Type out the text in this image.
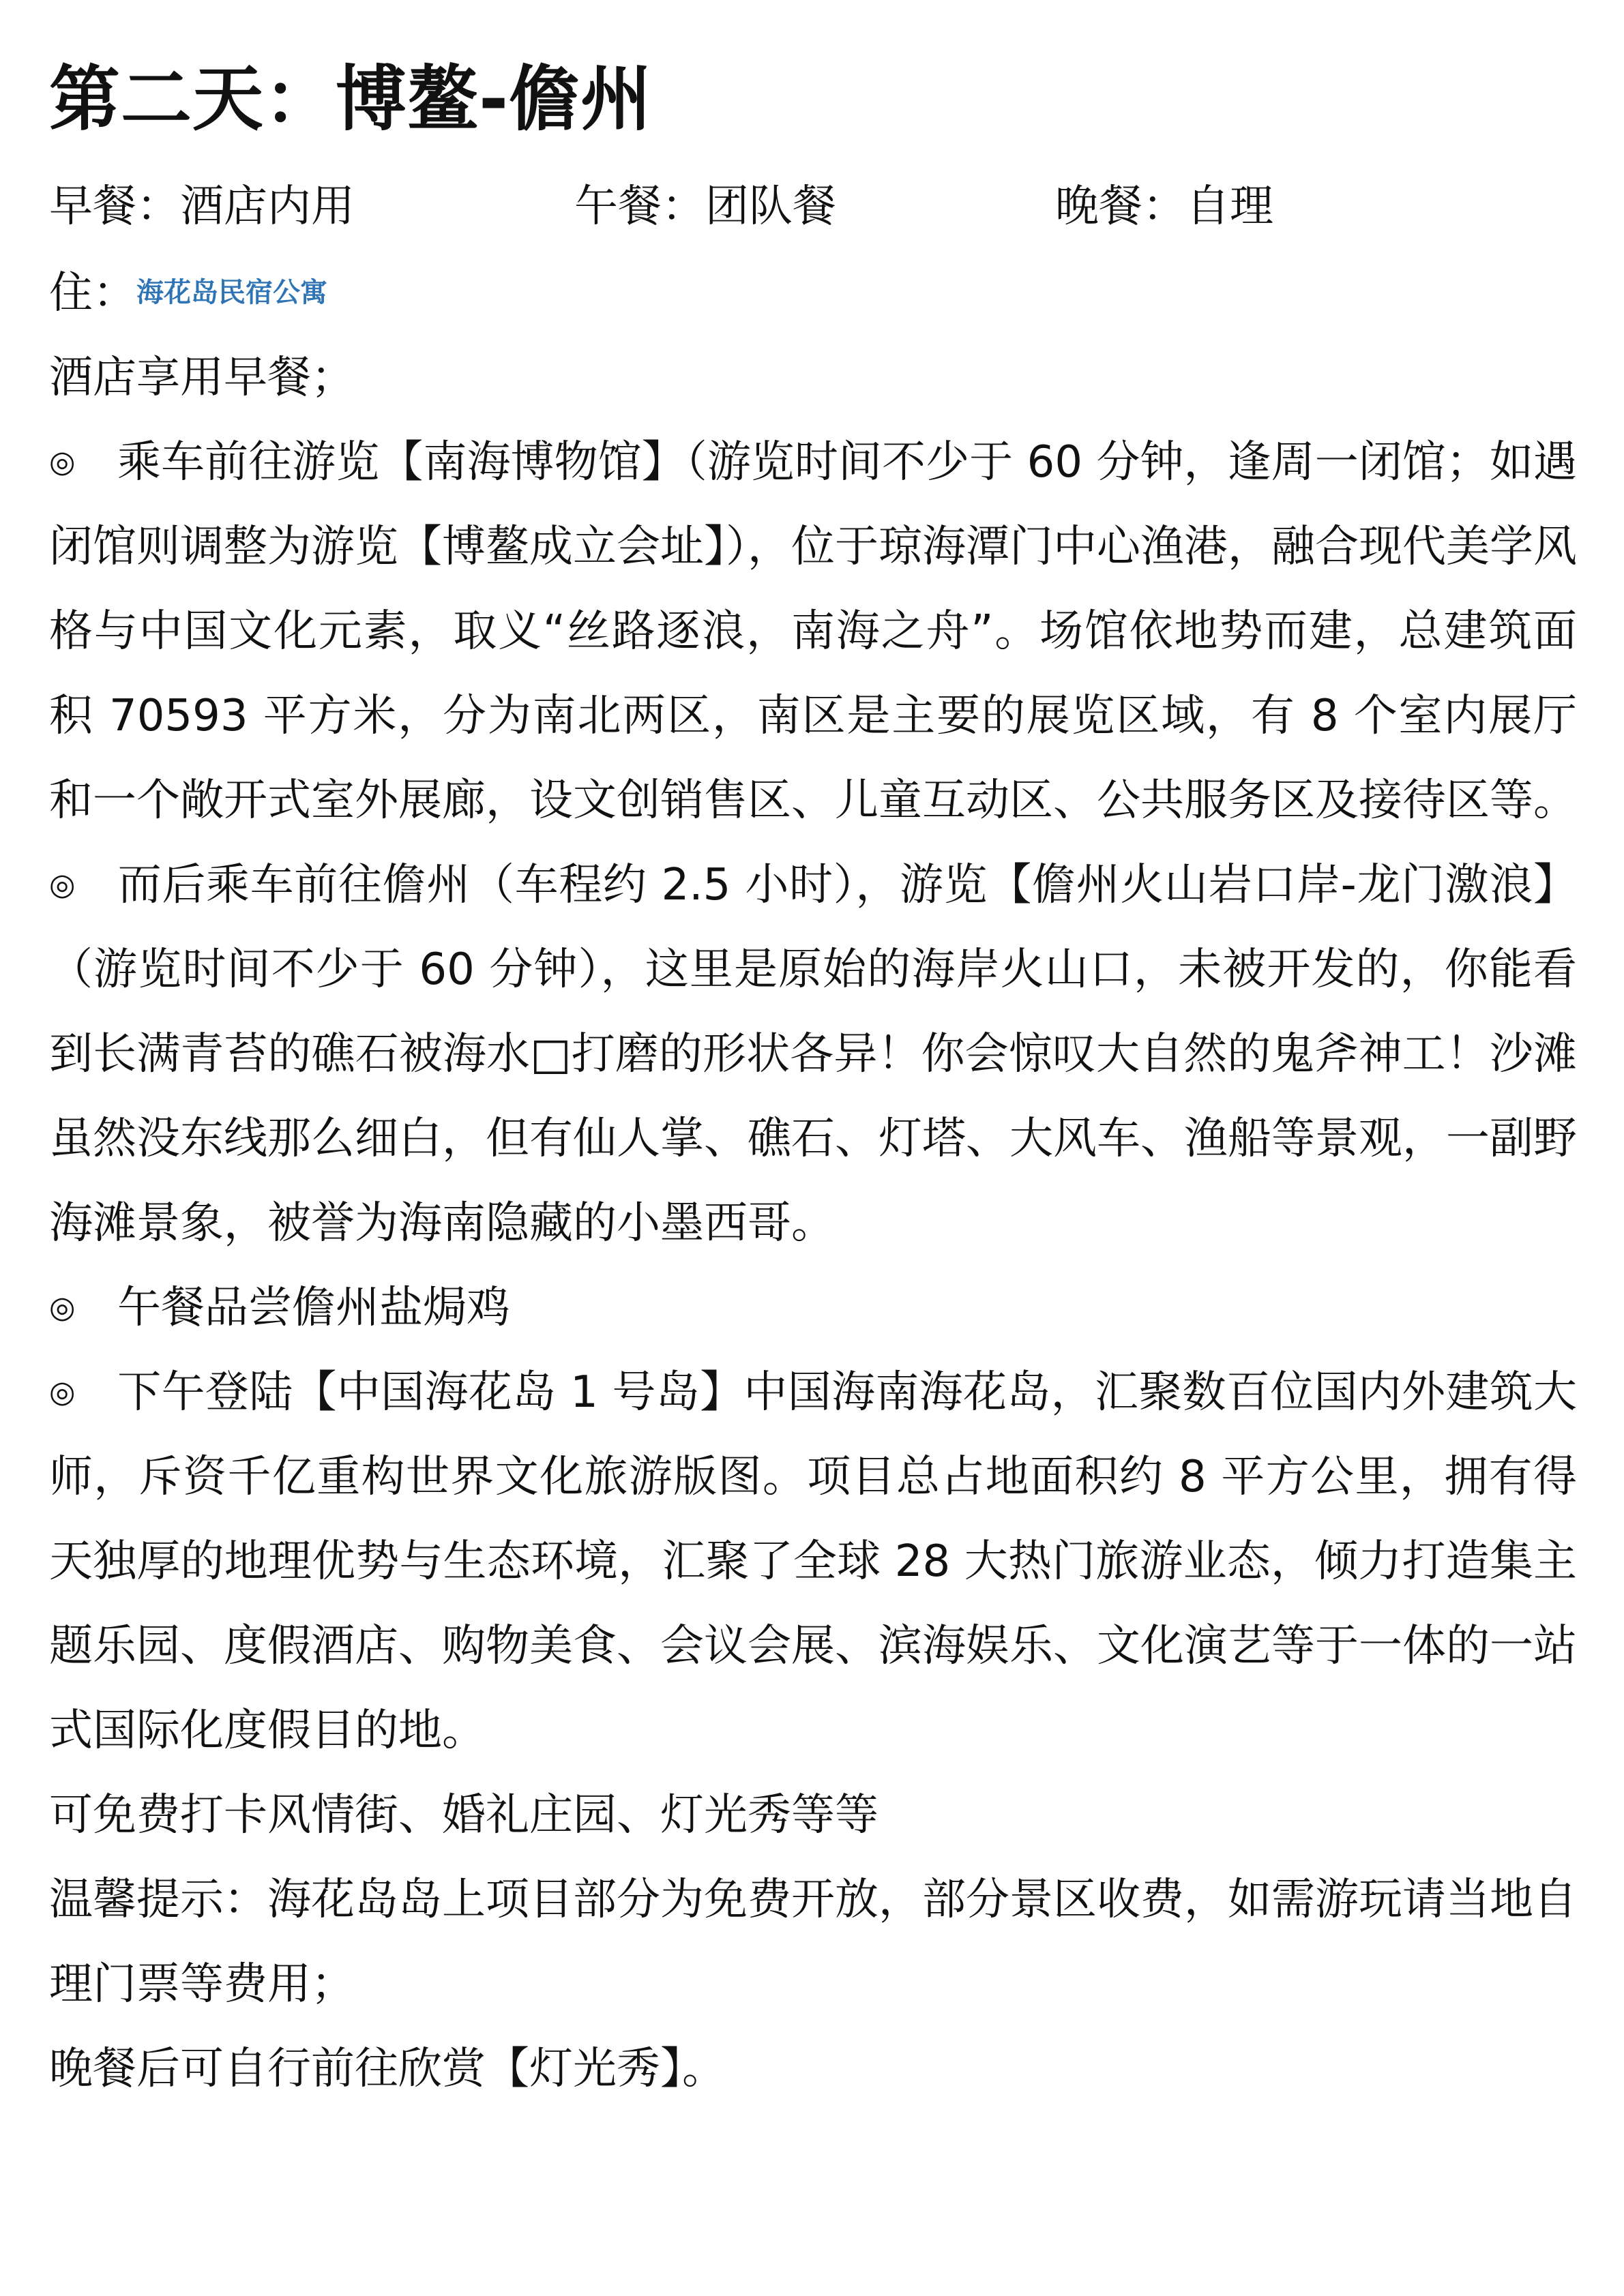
第二天：博鳌-儋州
早餐：酒店内用	午餐：团队餐	晚餐：自理
住：海花岛民宿公寓

酒店享用早餐；

◎ 乘车前往游览【南海博物馆】（游览时间不少于 60 分钟，逢周一闭馆；如遇闭馆则调整为游览【博鳌成立会址】），位于琼海潭门中心渔港，融合现代美学风格与中国文化元素，取义“丝路逐浪，南海之舟”。场馆依地势而建，总建筑面积 70593 平方米，分为南北两区，南区是主要的展览区域，有 8 个室内展厅和一个敞开式室外展廊，设文创销售区、儿童互动区、公共服务区及接待区等。

◎ 而后乘车前往儋州（车程约 2.5 小时），游览【儋州火山岩口岸-龙门激浪】（游览时间不少于 60 分钟），这里是原始的海岸火山口，未被开发的，你能看到长满青苔的礁石被海水□打磨的形状各异！你会惊叹大自然的鬼斧神工！沙滩虽然没东线那么细白，但有仙人掌、礁石、灯塔、大风车、渔船等景观，一副野海滩景象，被誉为海南隐藏的小墨西哥。

◎ 午餐品尝儋州盐焗鸡

◎ 下午登陆【中国海花岛 1 号岛】中国海南海花岛，汇聚数百位国内外建筑大师，斥资千亿重构世界文化旅游版图。项目总占地面积约 8 平方公里，拥有得天独厚的地理优势与生态环境，汇聚了全球 28 大热门旅游业态，倾力打造集主题乐园、度假酒店、购物美食、会议会展、滨海娱乐、文化演艺等于一体的一站式国际化度假目的地。

可免费打卡风情街、婚礼庄园、灯光秀等等

温馨提示：海花岛岛上项目部分为免费开放，部分景区收费，如需游玩请当地自理门票等费用；

晚餐后可自行前往欣赏【灯光秀】。
